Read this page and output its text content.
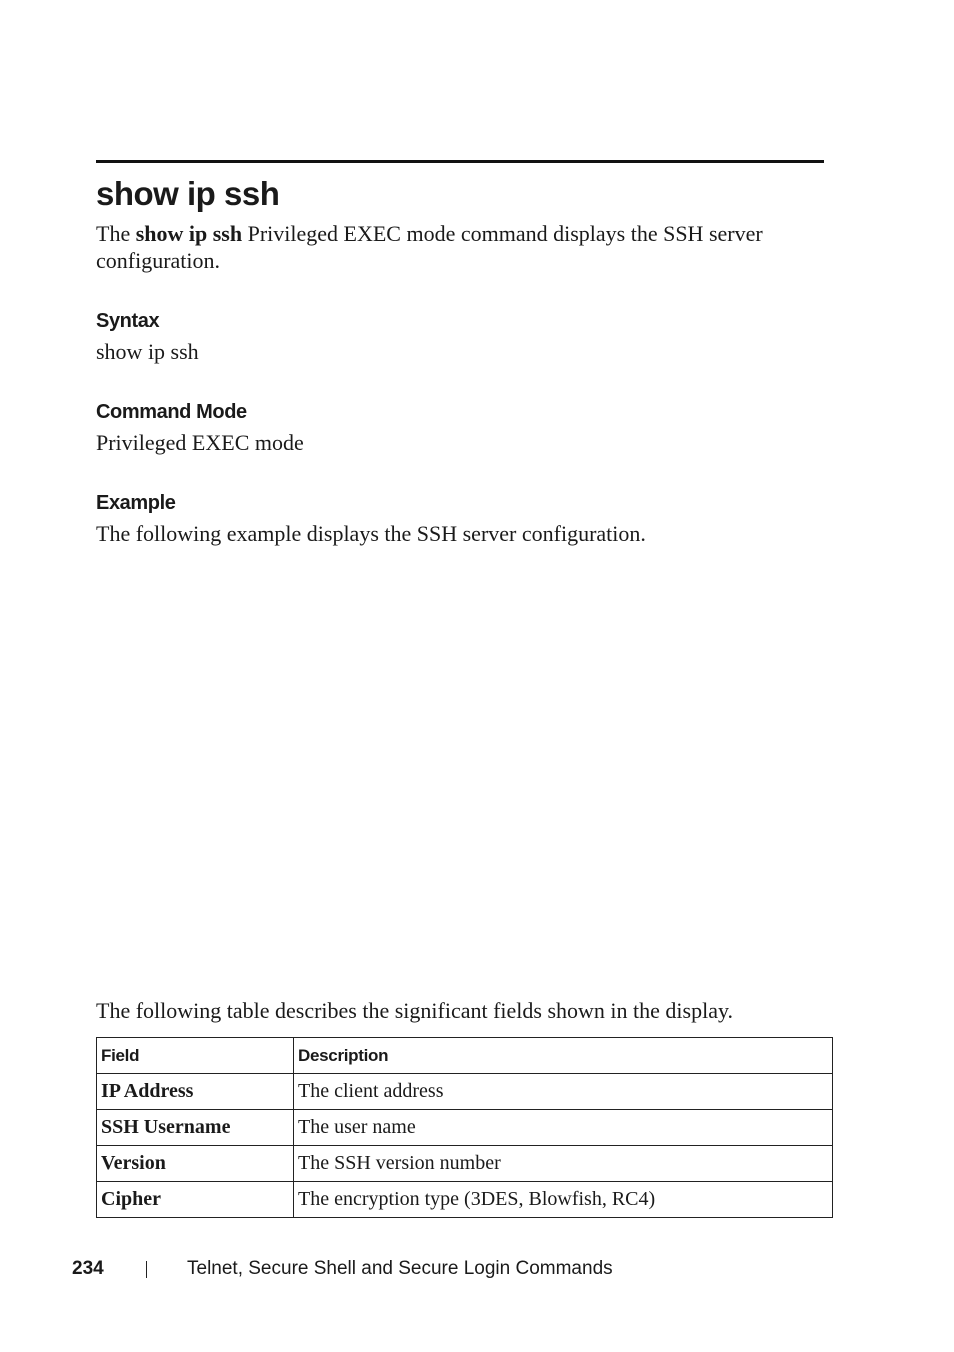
show ip ssh

The show ip ssh Privileged EXEC mode command displays the SSH server
configuration.

Syntax

show ip ssh

Command Mode

Privileged EXEC mode

Example

The following example displays the SSH server configuration.

The following table describes the significant fields shown in the display.

Field	Description
IP Address	The client address
SSH Username	The user name
Version	The SSH version number
Cipher	The encryption type (3DES, Blowfish, RC4)
234	Telnet, Secure Shell and Secure Login Commands
